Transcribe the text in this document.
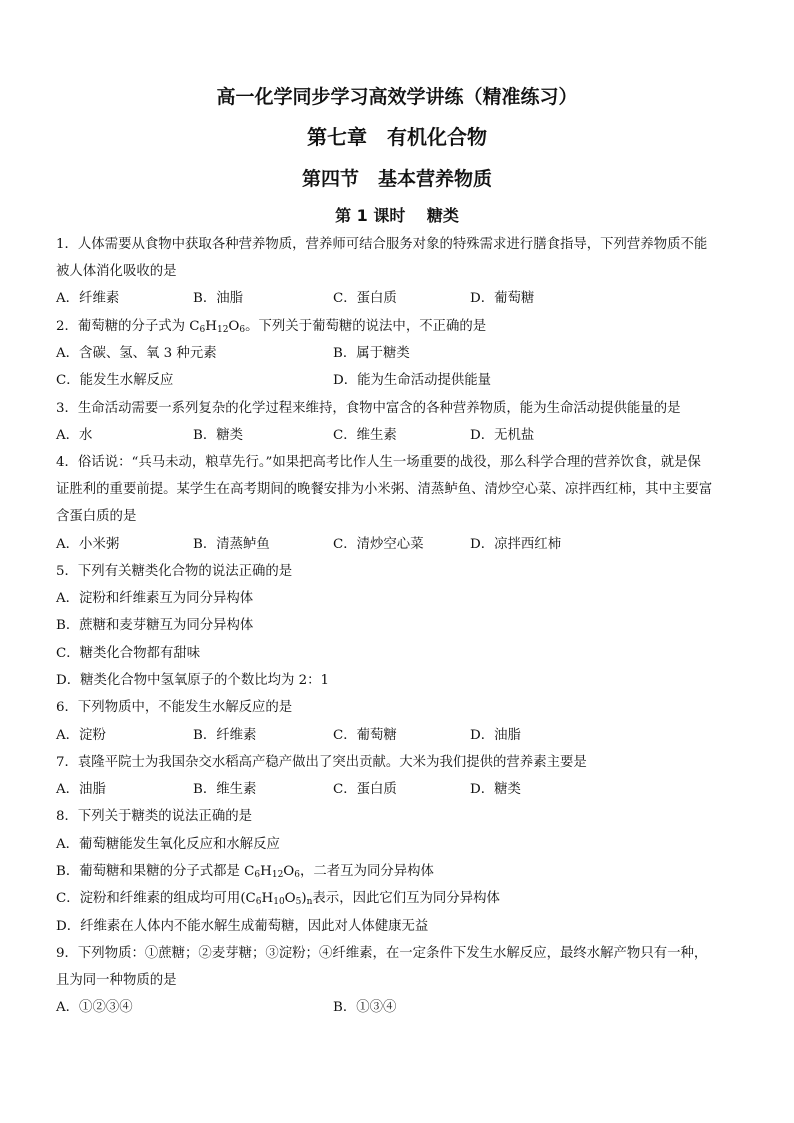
高一化学同步学习高效学讲练（精准练习）
第七章　有机化合物
第四节　基本营养物质
第 1 课时　 糖类
1．人体需要从食物中获取各种营养物质，营养师可结合服务对象的特殊需求进行膳食指导，下列营养物质不能
被人体消化吸收的是
A．纤维素	B．油脂	C．蛋白质	D．葡萄糖
2．葡萄糖的分子式为 $C_6H_{12}O_6$。下列关于葡萄糖的说法中，不正确的是
A．含碳、氢、氧 3 种元素	B．属于糖类
C．能发生水解反应	D．能为生命活动提供能量
3．生命活动需要一系列复杂的化学过程来维持，食物中富含的各种营养物质，能为生命活动提供能量的是
A．水	B．糖类	C．维生素	D．无机盐
4．俗话说：“兵马未动，粮草先行。”如果把高考比作人生一场重要的战役，那么科学合理的营养饮食，就是保
证胜利的重要前提。某学生在高考期间的晚餐安排为小米粥、清蒸鲈鱼、清炒空心菜、凉拌西红柿，其中主要富
含蛋白质的是
A．小米粥	B．清蒸鲈鱼	C．清炒空心菜	D．凉拌西红柿
5．下列有关糖类化合物的说法正确的是
A．淀粉和纤维素互为同分异构体
B．蔗糖和麦芽糖互为同分异构体
C．糖类化合物都有甜味
D．糖类化合物中氢氧原子的个数比均为 2：1
6．下列物质中，不能发生水解反应的是
A．淀粉	B．纤维素	C．葡萄糖	D．油脂
7．袁隆平院士为我国杂交水稻高产稳产做出了突出贡献。大米为我们提供的营养素主要是
A．油脂	B．维生素	C．蛋白质	D．糖类
8．下列关于糖类的说法正确的是
A．葡萄糖能发生氧化反应和水解反应
B．葡萄糖和果糖的分子式都是 $C_6H_{12}O_6$，二者互为同分异构体
C．淀粉和纤维素的组成均可用$(C_6H_{10}O_5)_n$表示，因此它们互为同分异构体
D．纤维素在人体内不能水解生成葡萄糖，因此对人体健康无益
9．下列物质：①蔗糖；②麦芽糖；③淀粉；④纤维素，在一定条件下发生水解反应，最终水解产物只有一种，
且为同一种物质的是
A．①②③④	B．①③④
